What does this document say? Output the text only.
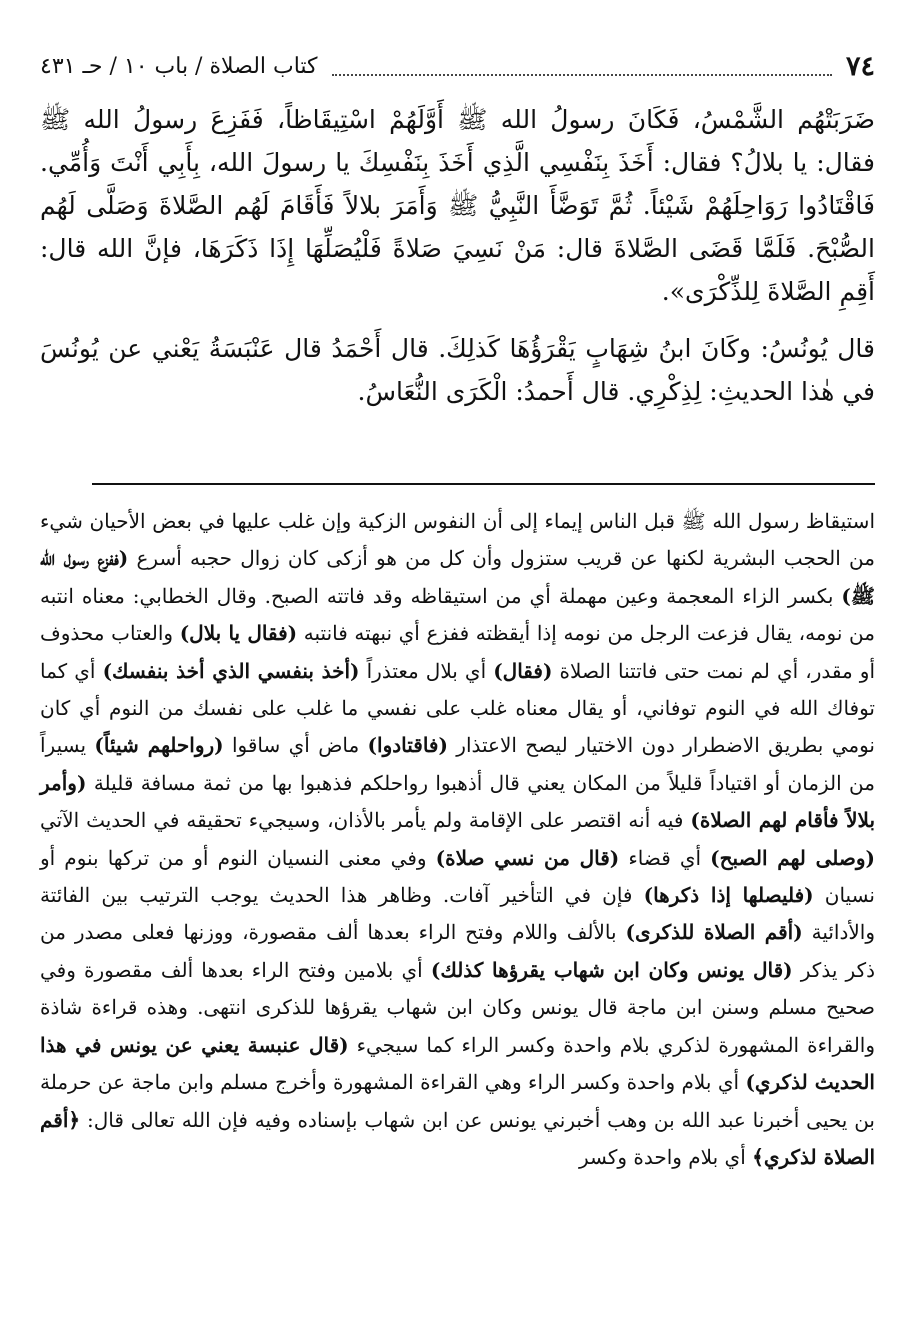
٧٤
كتاب الصلاة / باب ١٠ / حـ ٤٣١

ضَرَبَتْهُم الشَّمْسُ، فَكَانَ رسولُ الله ﷺ أَوَّلَهُمْ اسْتِيقَاظاً، فَفَزِعَ رسولُ الله ﷺ فقال: يا بلالُ؟ فقال: أَخَذَ بِنَفْسِي الَّذِي أَخَذَ بِنَفْسِكَ يا رسولَ الله، بِأَبِي أَنْتَ وَأُمِّي. فَاقْتَادُوا رَوَاحِلَهُمْ شَيْئاً. ثُمَّ تَوَضَّأَ النَّبِيُّ ﷺ وَأَمَرَ بلالاً فَأَقَامَ لَهُم الصَّلاةَ وَصَلَّى لَهُم الصُّبْحَ. فَلَمَّا قَضَى الصَّلاةَ قال: مَنْ نَسِيَ صَلاةً فَلْيُصَلِّهَا إِذَا ذَكَرَهَا، فإنَّ الله قال: أَقِمِ الصَّلاةَ لِلذِّكْرَى».

قال يُونُسُ: وكَانَ ابنُ شِهَابٍ يَقْرَؤُهَا كَذلِكَ. قال أَحْمَدُ قال عَنْبَسَةُ يَعْني عن يُونُسَ في هٰذا الحديثِ: لِذِكْرِي. قال أَحمدُ: الْكَرَى النُّعَاسُ.

استيقاظ رسول الله ﷺ قبل الناس إيماء إلى أن النفوس الزكية وإن غلب عليها في بعض الأحيان شيء من الحجب البشرية لكنها عن قريب ستزول وأن كل من هو أزكى كان زوال حجبه أسرع (ففزع رسول الله ﷺ) بكسر الزاء المعجمة وعين مهملة أي من استيقاظه وقد فاتته الصبح. وقال الخطابي: معناه انتبه من نومه، يقال فزعت الرجل من نومه إذا أيقظته ففزع أي نبهته فانتبه (فقال يا بلال) والعتاب محذوف أو مقدر، أي لم نمت حتى فاتتنا الصلاة (فقال) أي بلال معتذراً (أخذ بنفسي الذي أخذ بنفسك) أي كما توفاك الله في النوم توفاني، أو يقال معناه غلب على نفسي ما غلب على نفسك من النوم أي كان نومي بطريق الاضطرار دون الاختيار ليصح الاعتذار (فاقتادوا) ماض أي ساقوا (رواحلهم شيئاً) يسيراً من الزمان أو اقتياداً قليلاً من المكان يعني قال أذهبوا رواحلكم فذهبوا بها من ثمة مسافة قليلة (وأمر بلالاً فأقام لهم الصلاة) فيه أنه اقتصر على الإقامة ولم يأمر بالأذان، وسيجيء تحقيقه في الحديث الآتي (وصلى لهم الصبح) أي قضاء (قال من نسي صلاة) وفي معنى النسيان النوم أو من تركها بنوم أو نسيان (فليصلها إذا ذكرها) فإن في التأخير آفات. وظاهر هذا الحديث يوجب الترتيب بين الفائتة والأدائية (أقم الصلاة للذكرى) بالألف واللام وفتح الراء بعدها ألف مقصورة، ووزنها فعلى مصدر من ذكر يذكر (قال يونس وكان ابن شهاب يقرؤها كذلك) أي بلامين وفتح الراء بعدها ألف مقصورة وفي صحيح مسلم وسنن ابن ماجة قال يونس وكان ابن شهاب يقرؤها للذكرى انتهى. وهذه قراءة شاذة والقراءة المشهورة لذكري بلام واحدة وكسر الراء كما سيجيء (قال عنبسة يعني عن يونس في هذا الحديث لذكري) أي بلام واحدة وكسر الراء وهي القراءة المشهورة وأخرج مسلم وابن ماجة عن حرملة بن يحيى أخبرنا عبد الله بن وهب أخبرني يونس عن ابن شهاب بإسناده وفيه فإن الله تعالى قال: ﴿أقم الصلاة لذكري﴾ أي بلام واحدة وكسر
